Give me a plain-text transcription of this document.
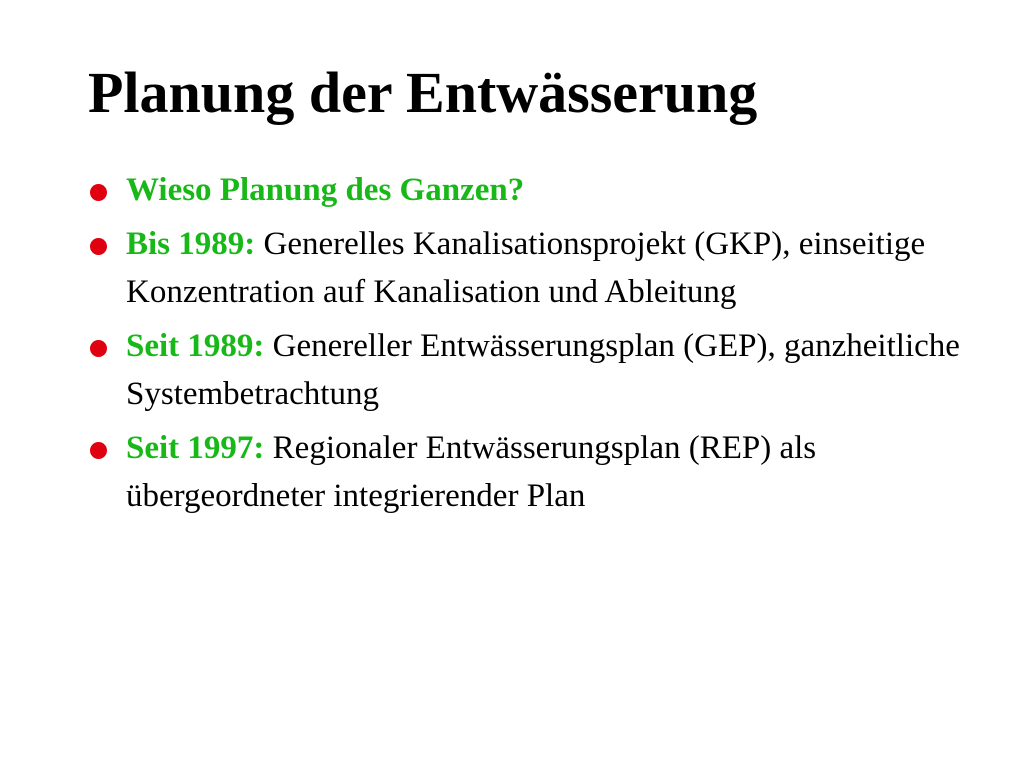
Planung der Entwässerung
Wieso Planung des Ganzen?
Bis 1989: Generelles Kanalisationsprojekt (GKP), einseitige Konzentration auf Kanalisation und Ableitung
Seit 1989: Genereller Entwässerungsplan (GEP), ganzheitliche Systembetrachtung
Seit 1997: Regionaler Entwässerungsplan (REP) als übergeordneter integrierender Plan
